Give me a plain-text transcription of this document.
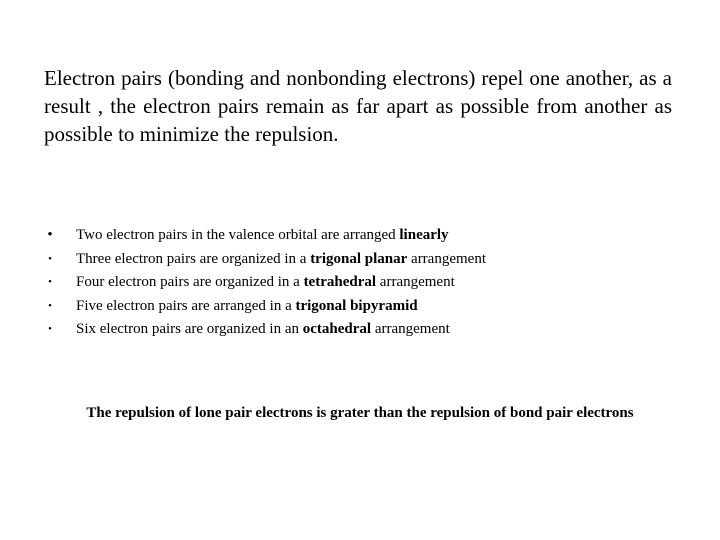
Electron pairs (bonding and nonbonding electrons) repel one another, as a result , the electron pairs remain as far apart as possible from another as possible to minimize the repulsion.

• Two electron pairs in the valence orbital are arranged linearly
• Three electron pairs are organized in a trigonal planar arrangement
• Four electron pairs are organized in a tetrahedral arrangement
• Five electron pairs are arranged in a trigonal bipyramid
• Six electron pairs are organized in an octahedral arrangement

The repulsion of lone pair electrons is grater than the repulsion of bond pair electrons
